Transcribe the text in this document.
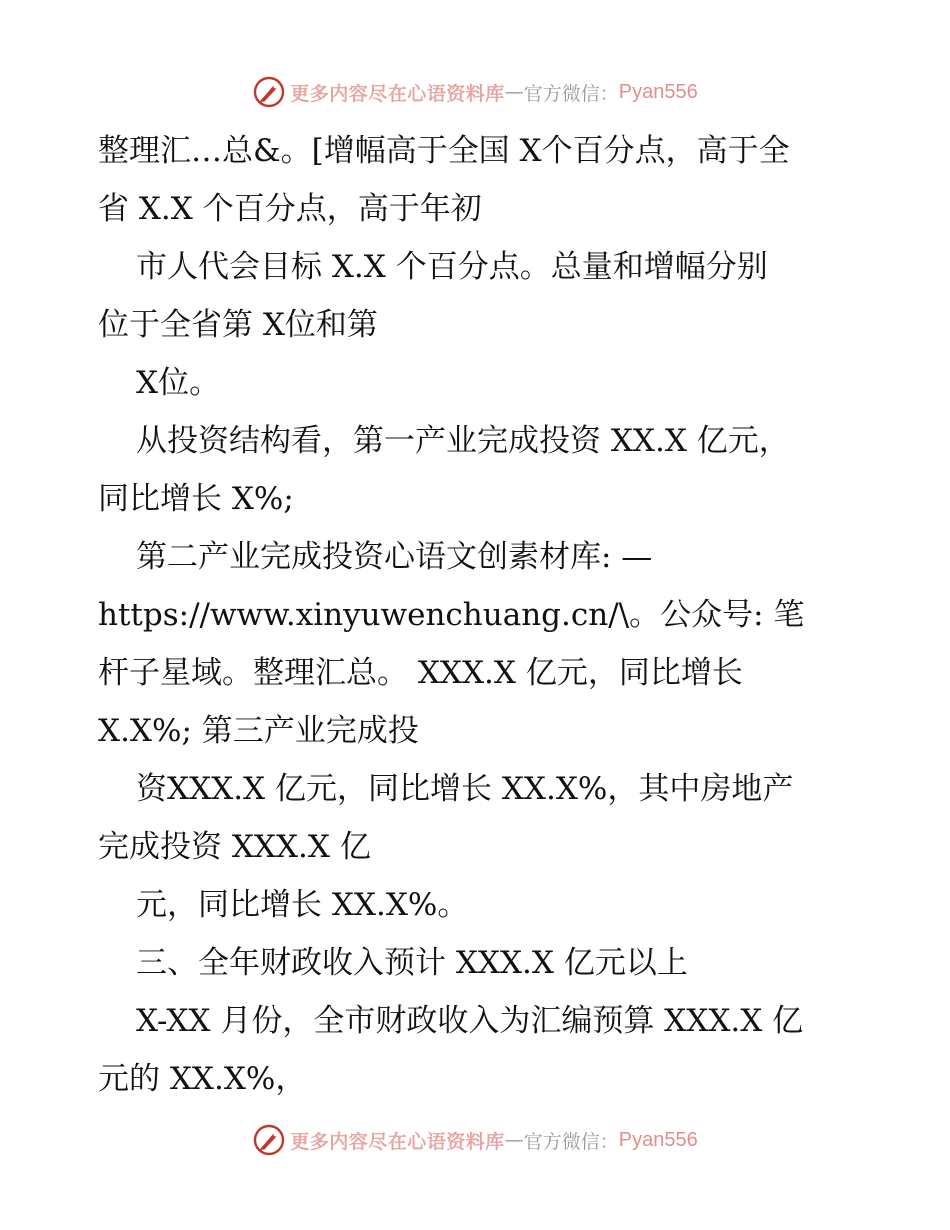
更多内容尽在心语资料库 — 官方微信： Pyan556
整理汇…总&。[增幅高于全国 X个百分点，高于全
省 X.X 个百分点，高于年初
市人代会目标 X.X 个百分点。总量和增幅分别
位于全省第 X位和第
X位。
从投资结构看，第一产业完成投资 XX.X 亿元，
同比增长 X%;
第二产业完成投资心语文创素材库: —
https://www.xinyuwenchuang.cn/\。公众号: 笔
杆子星域。整理汇总。 XXX.X 亿元，同比增长
X.X%; 第三产业完成投
资XXX.X 亿元，同比增长 XX.X%，其中房地产
完成投资 XXX.X 亿
元，同比增长 XX.X%。
三、全年财政收入预计 XXX.X 亿元以上
X-XX 月份，全市财政收入为汇编预算 XXX.X 亿
元的 XX.X%，
更多内容尽在心语资料库 — 官方微信： Pyan556
